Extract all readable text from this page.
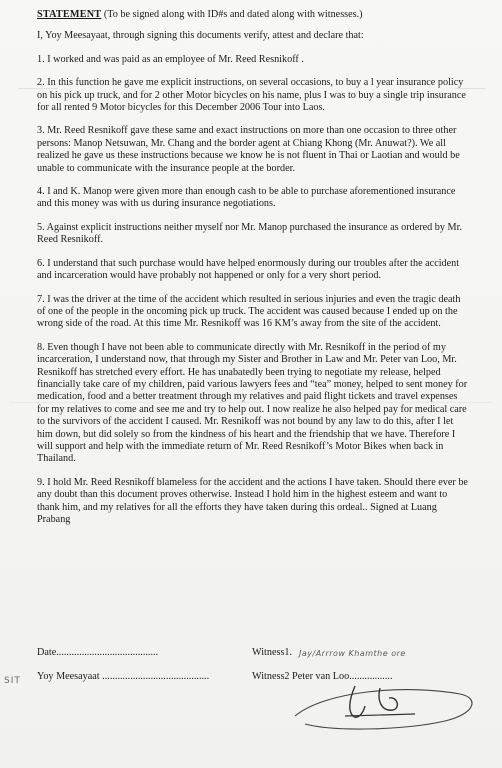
STATEMENT (To be signed along with ID#s and dated along with witnesses.)

I, Yoy Meesayaat, through signing this documents verify, attest and declare that:

1. I worked and was paid as an employee of Mr. Reed Resnikoff .

2. In this function he gave me explicit instructions, on several occasions, to buy a l year insurance policy on his pick up truck, and for 2 other Motor bicycles on his name, plus I was to buy a single trip insurance for all rented 9 Motor bicycles for this December 2006 Tour into Laos.

3. Mr. Reed Resnikoff gave these same and exact instructions on more than one occasion to three other persons: Manop Netsuwan, Mr. Chang and the border agent at Chiang Khong (Mr. Anuwat?). We all realized he gave us these instructions because we know he is not fluent in Thai or Laotian and would be unable to communicate with the insurance people at the border.

4. I and K. Manop were given more than enough cash to be able to purchase aforementioned insurance and this money was with us during insurance negotiations.

5. Against explicit instructions neither myself nor Mr. Manop purchased the insurance as ordered by Mr. Reed Resnikoff.

6. I understand that such purchase would have helped enormously during our troubles after the accident and incarceration would have probably not happened or only for a very short period.

7. I was the driver at the time of the accident which resulted in serious injuries and even the tragic death of one of the people in the oncoming pick up truck. The accident was caused because I ended up on the wrong side of the road. At this time Mr. Resnikoff was 16 KM’s away from the site of the accident.

8. Even though I have not been able to communicate directly with Mr. Resnikoff in the period of my incarceration, I understand now, that through my Sister and Brother in Law and Mr. Peter van Loo, Mr. Resnikoff has stretched every effort. He has unabatedly been trying to negotiate my release, helped financially take care of my children, paid various lawyers fees and “tea” money, helped to sent money for medication, food and a better treatment through my relatives and paid flight tickets and travel expenses for my relatives to come and see me and try to help out. I now realize he also helped pay for medical care to the survivors of the accident I caused. Mr. Resnikoff was not bound by any law to do this, after I let him down, but did solely so from the kindness of his heart and the friendship that we have. Therefore I will support and help with the immediate return of Mr. Reed Resnikoff’s Motor Bikes when back in Thailand.

9. I hold Mr. Reed Resnikoff blameless for the accident and the actions I have taken. Should there ever be any doubt than this document proves otherwise. Instead I hold him in the highest esteem and want to thank him, and my relatives for all the efforts they have taken during this ordeal.. Signed at Luang Prabang

Date........................................	Witness1. Jay/Arrrow Khamthe ore
Yoy Meesayaat ..........................................	Witness2 Peter van Loo.................
SIT
